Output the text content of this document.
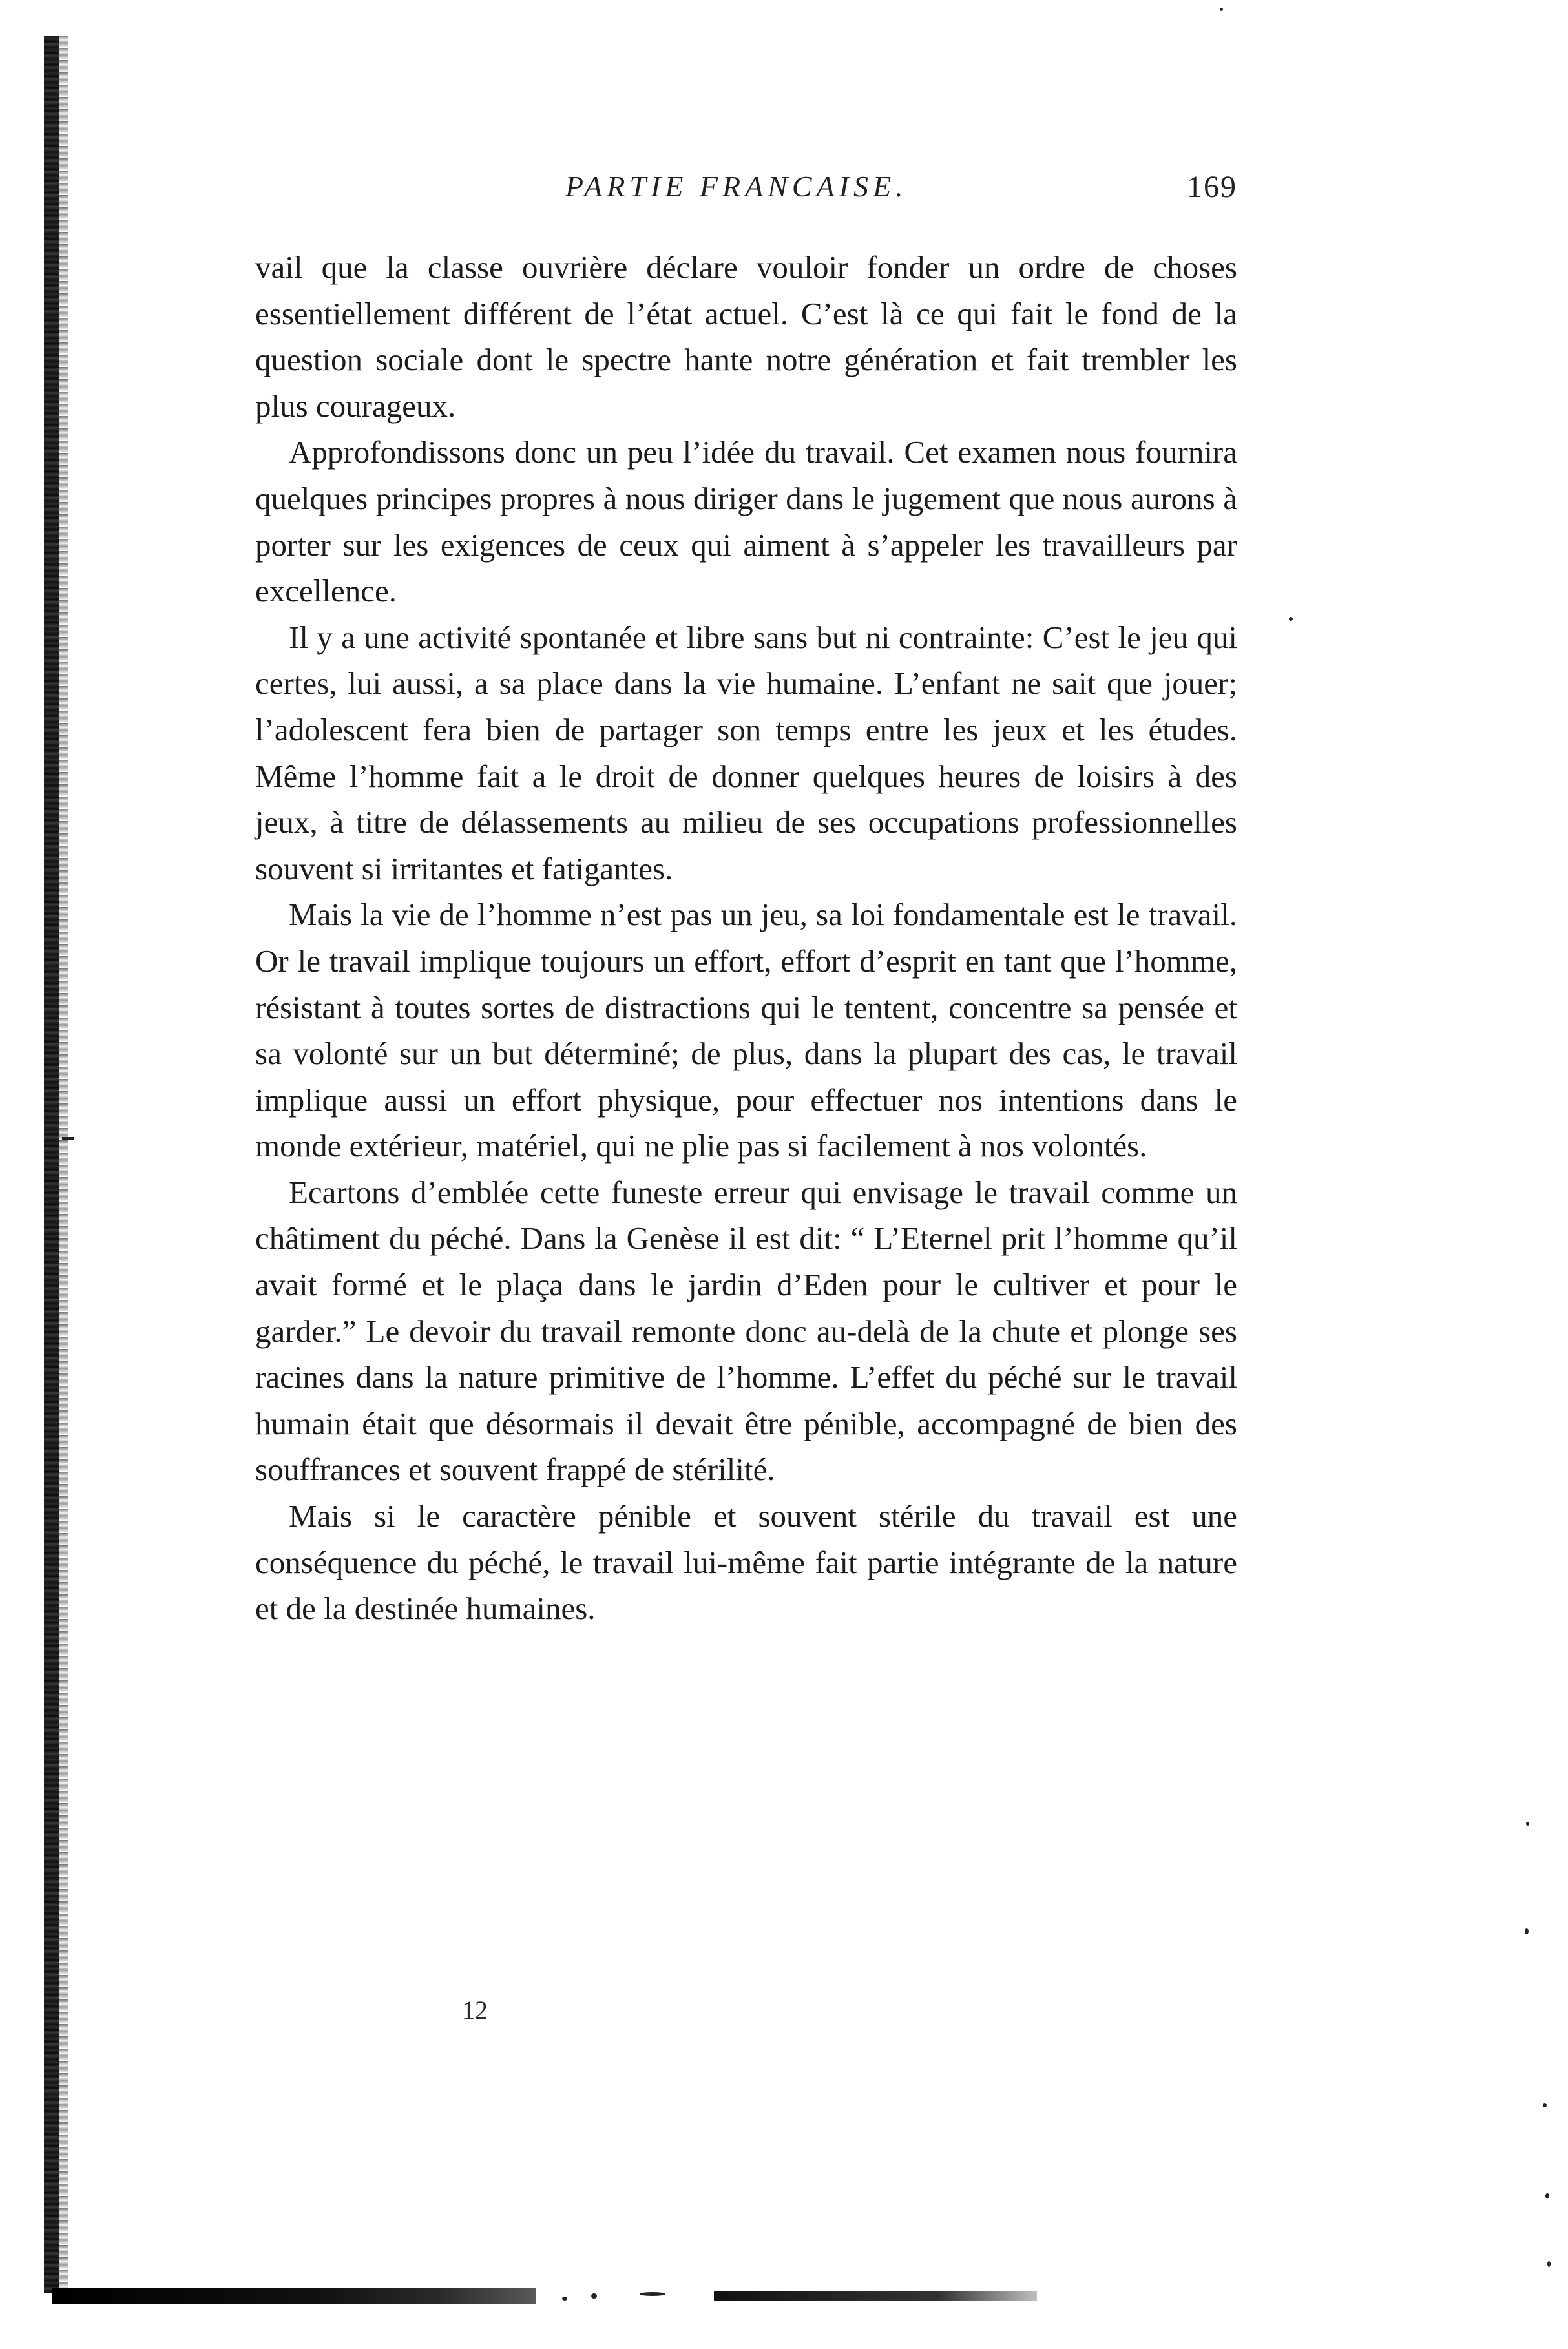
PARTIE FRANCAISE.	169

vail que la classe ouvrière déclare vouloir fonder un ordre de choses essentiellement différent de l’état actuel. C’est là ce qui fait le fond de la question sociale dont le spectre hante notre génération et fait trembler les plus courageux.

Approfondissons donc un peu l’idée du travail. Cet examen nous fournira quelques principes propres à nous diriger dans le jugement que nous aurons à porter sur les exigences de ceux qui aiment à s’appeler les travailleurs par excellence.

Il y a une activité spontanée et libre sans but ni contrainte: C’est le jeu qui certes, lui aussi, a sa place dans la vie humaine. L’enfant ne sait que jouer; l’adolescent fera bien de partager son temps entre les jeux et les études. Même l’homme fait a le droit de donner quelques heures de loisirs à des jeux, à titre de délassements au milieu de ses occupations professionnelles souvent si irritantes et fatigantes.

Mais la vie de l’homme n’est pas un jeu, sa loi fondamentale est le travail. Or le travail implique toujours un effort, effort d’esprit en tant que l’homme, résistant à toutes sortes de distractions qui le tentent, concentre sa pensée et sa volonté sur un but déterminé; de plus, dans la plupart des cas, le travail implique aussi un effort physique, pour effectuer nos intentions dans le monde extérieur, matériel, qui ne plie pas si facilement à nos volontés.

Ecartons d’emblée cette funeste erreur qui envisage le travail comme un châtiment du péché. Dans la Genèse il est dit: “ L’Eternel prit l’homme qu’il avait formé et le plaça dans le jardin d’Eden pour le cultiver et pour le garder.” Le devoir du travail remonte donc au-delà de la chute et plonge ses racines dans la nature primitive de l’homme. L’effet du péché sur le travail humain était que désormais il devait être pénible, accompagné de bien des souffrances et souvent frappé de stérilité.

Mais si le caractère pénible et souvent stérile du travail est une conséquence du péché, le travail lui-même fait partie intégrante de la nature et de la destinée humaines.

12
